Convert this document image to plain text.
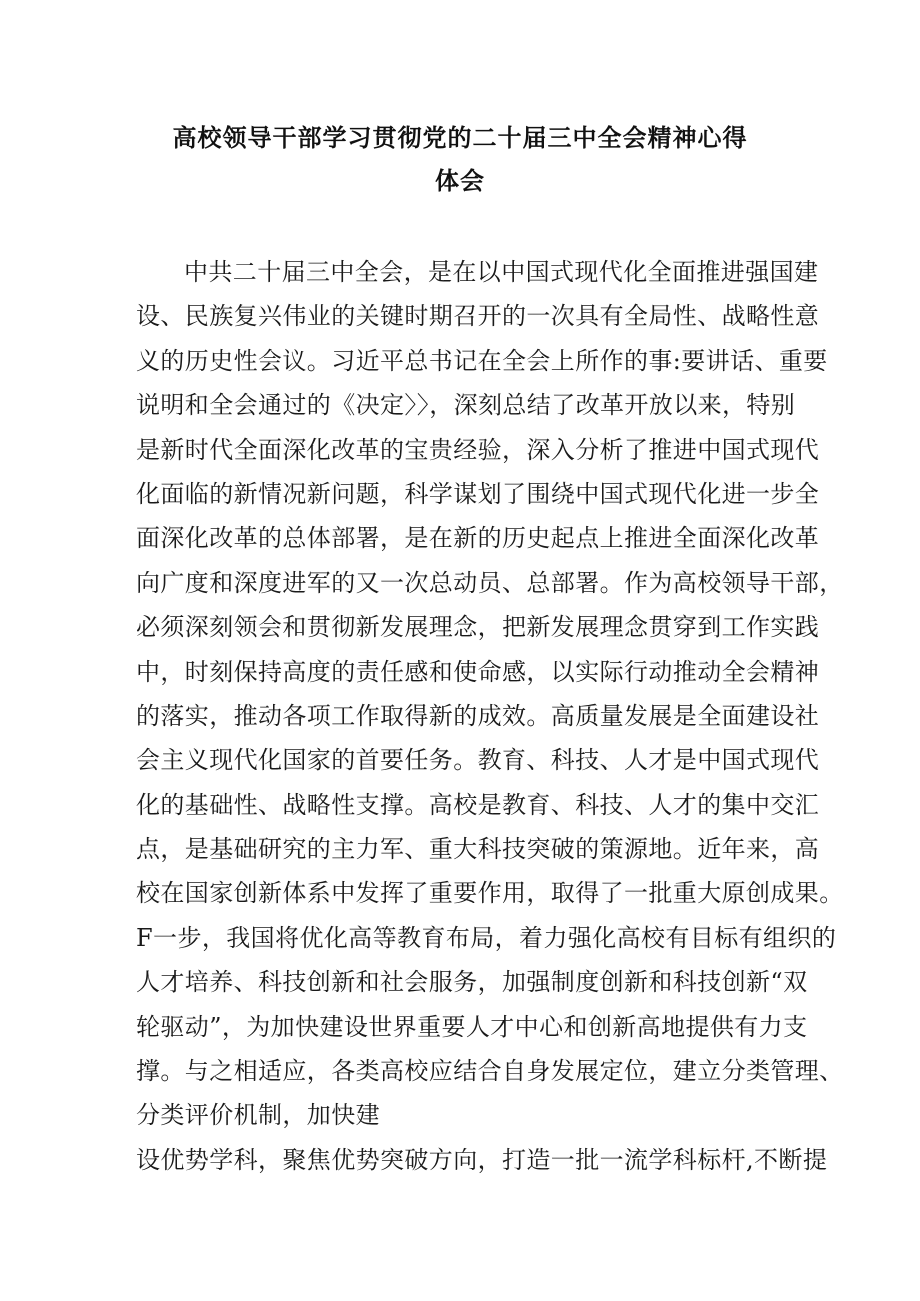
高校领导干部学习贯彻党的二十届三中全会精神心得
体会
中共二十届三中全会，是在以中国式现代化全面推进强国建
设、民族复兴伟业的关键时期召开的一次具有全局性、战略性意
义的历史性会议。习近平总书记在全会上所作的事:要讲话、重要
说明和全会通过的《决定〉〉，深刻总结了改革开放以来，特别
是新时代全面深化改革的宝贵经验，深入分析了推进中国式现代
化面临的新情况新问题，科学谋划了围绕中国式现代化进一步全
面深化改革的总体部署，是在新的历史起点上推进全面深化改革
向广度和深度进军的又一次总动员、总部署。作为高校领导干部，
必须深刻领会和贯彻新发展理念，把新发展理念贯穿到工作实践
中，时刻保持高度的责任感和使命感，以实际行动推动全会精神
的落实，推动各项工作取得新的成效。高质量发展是全面建设社
会主义现代化国家的首要任务。教育、科技、人才是中国式现代
化的基础性、战略性支撑。高校是教育、科技、人才的集中交汇
点，是基础研究的主力军、重大科技突破的策源地。近年来，高
校在国家创新体系中发挥了重要作用，取得了一批重大原创成果。
F一步，我国将优化高等教育布局，着力强化高校有目标有组织的
人才培养、科技创新和社会服务，加强制度创新和科技创新“双
轮驱动”，为加快建设世界重要人才中心和创新高地提供有力支
撑。与之相适应，各类高校应结合自身发展定位，建立分类管理、
分类评价机制，加快建
设优势学科，聚焦优势突破方向，打造一批一流学科标杆,不断提
